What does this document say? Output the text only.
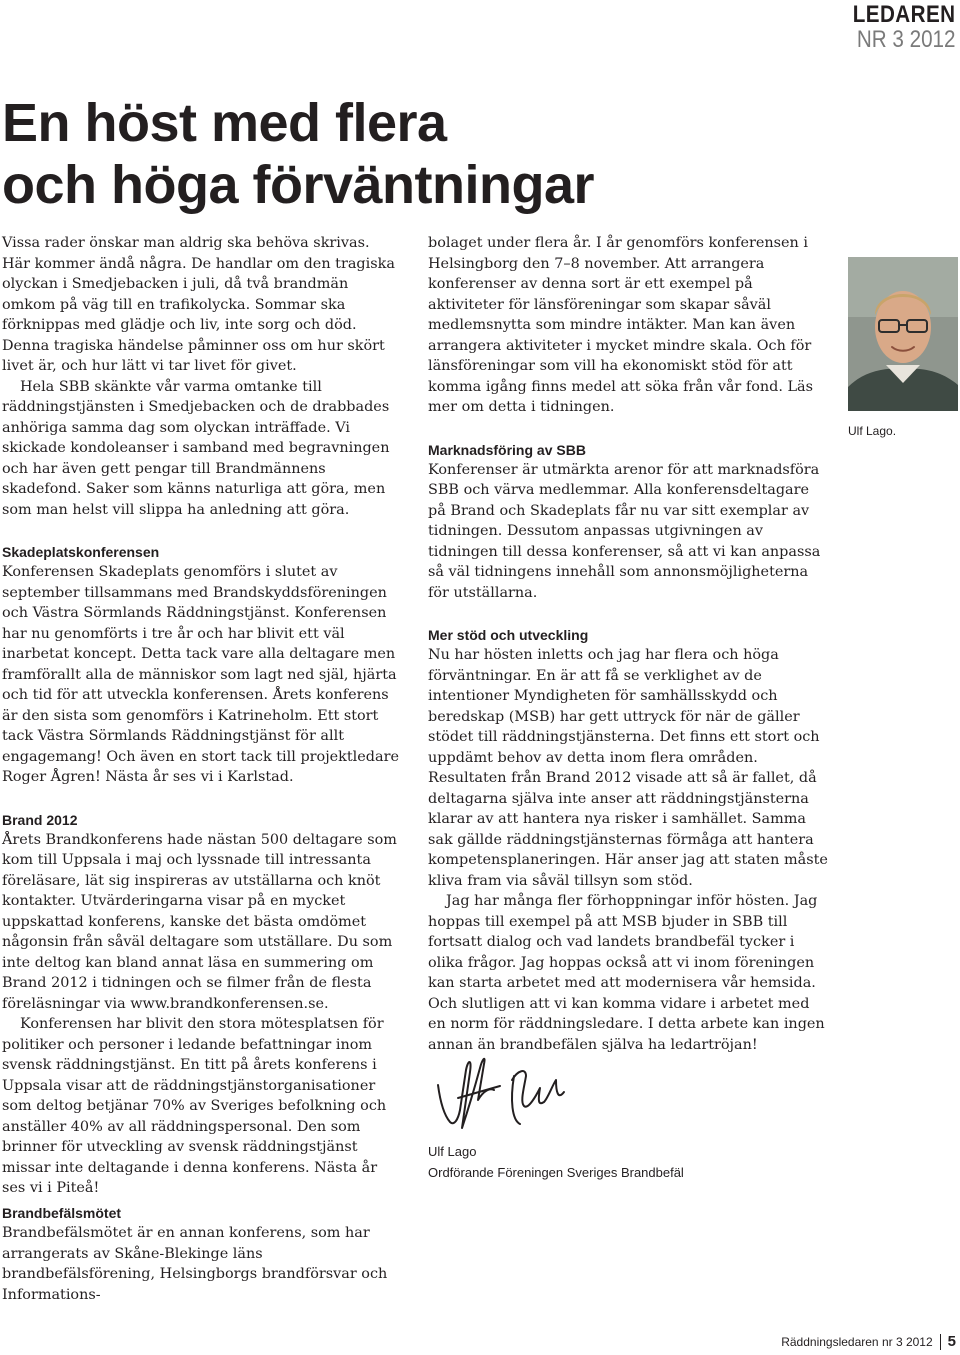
LEDAREN
NR 3 2012
En höst med flera
och höga förväntningar

Vissa rader önskar man aldrig ska behöva skrivas. Här kommer ändå några. De handlar om den tragiska olyckan i Smedjebacken i juli, då två brandmän omkom på väg till en trafikolycka. Sommar ska förknippas med glädje och liv, inte sorg och död. Denna tragiska händelse påminner oss om hur skört livet är, och hur lätt vi tar livet för givet.

Hela SBB skänkte vår varma omtanke till räddningstjänsten i Smedjebacken och de drabbades anhöriga samma dag som olyckan inträffade. Vi skickade kondoleanser i samband med begravningen och har även gett pengar till Brandmännens skadefond. Saker som känns naturliga att göra, men som man helst vill slippa ha anledning att göra.

Skadeplatskonferensen

Konferensen Skadeplats genomförs i slutet av september tillsammans med Brandskyddsföreningen och Västra Sörmlands Räddningstjänst. Konferensen har nu genomförts i tre år och har blivit ett väl inarbetat koncept. Detta tack vare alla deltagare men framförallt alla de människor som lagt ned själ, hjärta och tid för att utveckla konferensen. Årets konferens är den sista som genomförs i Katrineholm. Ett stort tack Västra Sörmlands Räddningstjänst för allt engagemang! Och även en stort tack till projektledare Roger Ågren! Nästa år ses vi i Karlstad.

Brand 2012

Årets Brandkonferens hade nästan 500 deltagare som kom till Uppsala i maj och lyssnade till intressanta föreläsare, lät sig inspireras av utställarna och knöt kontakter. Utvärderingarna visar på en mycket uppskattad konferens, kanske det bästa omdömet någonsin från såväl deltagare som utställare. Du som inte deltog kan bland annat läsa en summering om Brand 2012 i tidningen och se filmer från de flesta föreläsningar via www.brandkonferensen.se.

Konferensen har blivit den stora mötesplatsen för politiker och personer i ledande befattningar inom svensk räddningstjänst. En titt på årets konferens i Uppsala visar att de räddningstjänstorganisationer som deltog betjänar 70% av Sveriges befolkning och anställer 40% av all räddningspersonal. Den som brinner för utveckling av svensk räddningstjänst missar inte deltagande i denna konferens. Nästa år ses vi i Piteå!

Brandbefälsmötet

Brandbefälsmötet är en annan konferens, som har arrangerats av Skåne-Blekinge läns brandbefälsförening, Helsingborgs brandförsvar och Informations-

bolaget under flera år. I år genomförs konferensen i Helsingborg den 7–8 november. Att arrangera konferenser av denna sort är ett exempel på aktiviteter för länsföreningar som skapar såväl medlemsnytta som mindre intäkter. Man kan även arrangera aktiviteter i mycket mindre skala. Och för länsföreningar som vill ha ekonomiskt stöd för att komma igång finns medel att söka från vår fond. Läs mer om detta i tidningen.

Marknadsföring av SBB

Konferenser är utmärkta arenor för att marknadsföra SBB och värva medlemmar. Alla konferensdeltagare på Brand och Skadeplats får nu var sitt exemplar av tidningen. Dessutom anpassas utgivningen av tidningen till dessa konferenser, så att vi kan anpassa så väl tidningens innehåll som annonsmöjligheterna för utställarna.

Mer stöd och utveckling

Nu har hösten inletts och jag har flera och höga förväntningar. En är att få se verklighet av de intentioner Myndigheten för samhällsskydd och beredskap (MSB) har gett uttryck för när de gäller stödet till räddningstjänsterna. Det finns ett stort och uppdämt behov av detta inom flera områden. Resultaten från Brand 2012 visade att så är fallet, då deltagarna själva inte anser att räddningstjänsterna klarar av att hantera nya risker i samhället. Samma sak gällde räddningstjänsternas förmåga att hantera kompetensplaneringen. Här anser jag att staten måste kliva fram via såväl tillsyn som stöd.

Jag har många fler förhoppningar inför hösten. Jag hoppas till exempel på att MSB bjuder in SBB till fortsatt dialog och vad landets brandbefäl tycker i olika frågor. Jag hoppas också att vi inom föreningen kan starta arbetet med att modernisera vår hemsida. Och slutligen att vi kan komma vidare i arbetet med en norm för räddningsledare. I detta arbete kan ingen annan än brandbefälen själva ha ledartröjan!

Ulf Lago
Ordförande Föreningen Sveriges Brandbefäl
Ulf Lago.
Räddningsledaren nr 3 2012 5
